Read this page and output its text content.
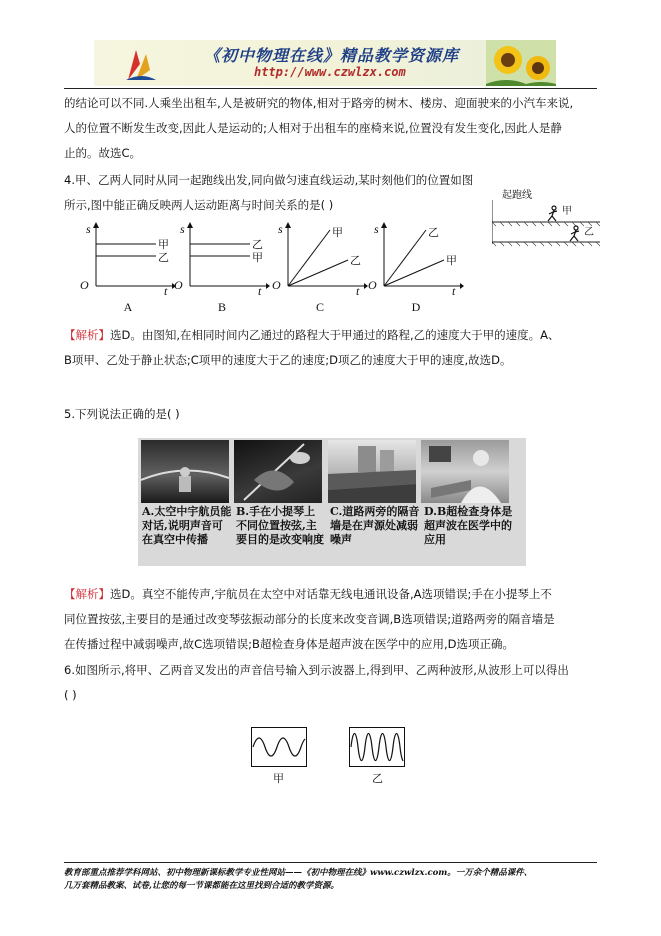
《初中物理在线》精品教学资源库
http://www.czwlzx.com
的结论可以不同.人乘坐出租车,人是被研究的物体,相对于路旁的树木、楼房、迎面驶来的小汽车来说,
人的位置不断发生改变,因此人是运动的;人相对于出租车的座椅来说,位置没有发生变化,因此人是静
止的。故选C。
4.甲、乙两人同时从同一起跑线出发,同向做匀速直线运动,某时刻他们的位置如图
所示,图中能正确反映两人运动距离与时间关系的是( )
起跑线
甲
乙
s
t
O
甲
乙
A
s
t
O
乙
甲
B
s
t
O
甲
乙
C
s
t
O
乙
甲
D
【解析】选D。由图知,在相同时间内乙通过的路程大于甲通过的路程,乙的速度大于甲的速度。A、
B项甲、乙处于静止状态;C项甲的速度大于乙的速度;D项乙的速度大于甲的速度,故选D。
5.下列说法正确的是( )
A.太空中宇航员能对话,说明声音可在真空中传播
B.手在小提琴上不同位置按弦,主要目的是改变响度
C.道路两旁的隔音墙是在声源处减弱噪声
D.B超检查身体是超声波在医学中的应用
【解析】选D。真空不能传声,宇航员在太空中对话靠无线电通讯设备,A选项错误;手在小提琴上不
同位置按弦,主要目的是通过改变琴弦振动部分的长度来改变音调,B选项错误;道路两旁的隔音墙是
在传播过程中减弱噪声,故C选项错误;B超检查身体是超声波在医学中的应用,D选项正确。
6.如图所示,将甲、乙两音叉发出的声音信号输入到示波器上,得到甲、乙两种波形,从波形上可以得出
( )
甲	乙
教育部重点推荐学科网站、初中物理新课标教学专业性网站——《初中物理在线》www.czwlzx.com。一万余个精品课件、
几万套精品教案、试卷,让您的每一节课都能在这里找到合适的教学资源。
